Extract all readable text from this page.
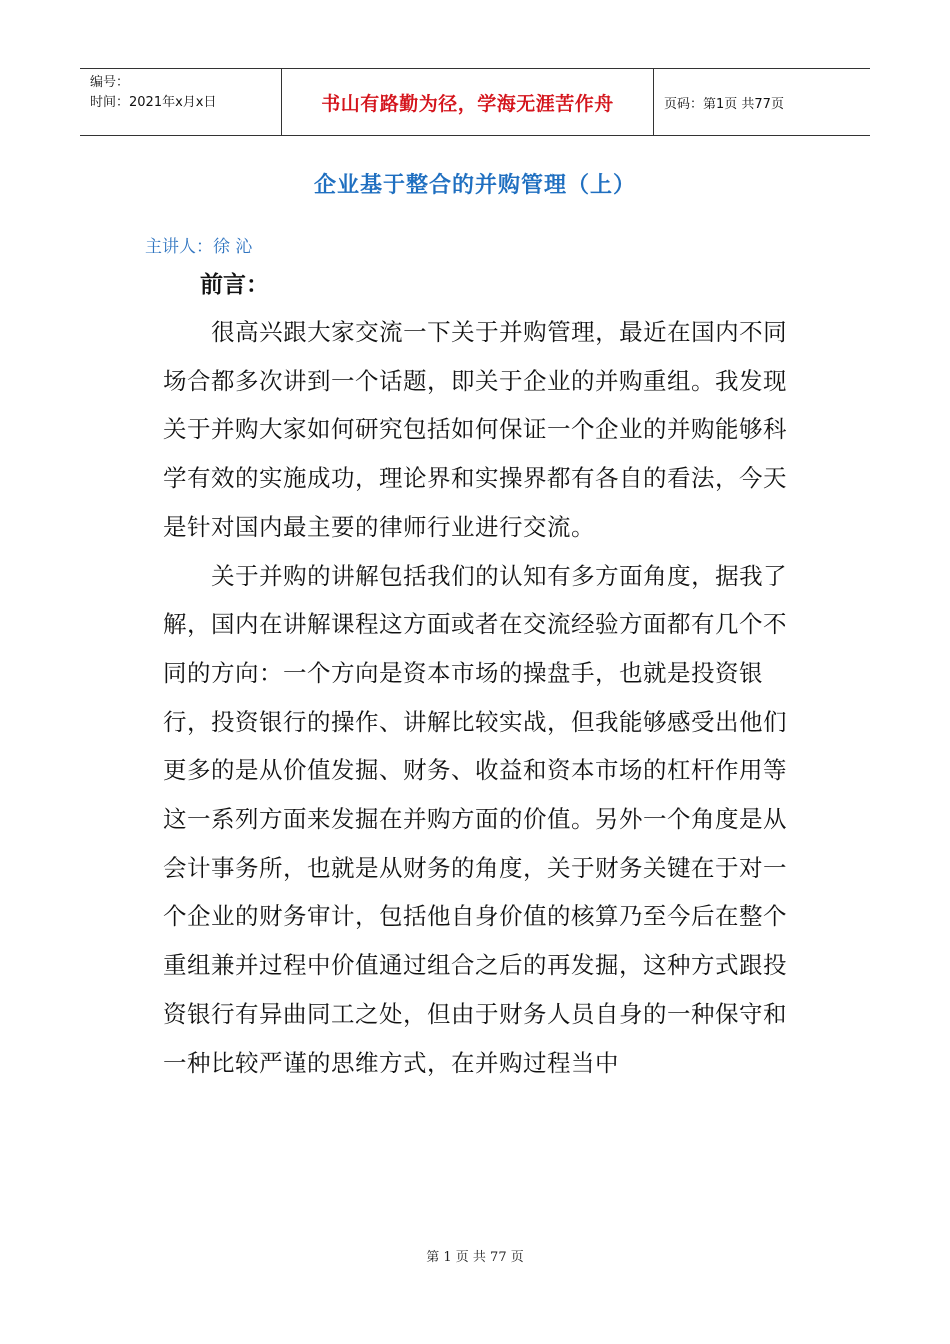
编号：
时间：2021年x月x日	书山有路勤为径，学海无涯苦作舟	页码：第1页 共77页
企业基于整合的并购管理（上）
主讲人：徐 沁
前言：

很高兴跟大家交流一下关于并购管理，最近在国内不同场合都多次讲到一个话题，即关于企业的并购重组。我发现关于并购大家如何研究包括如何保证一个企业的并购能够科学有效的实施成功，理论界和实操界都有各自的看法，今天是针对国内最主要的律师行业进行交流。

关于并购的讲解包括我们的认知有多方面角度，据我了解，国内在讲解课程这方面或者在交流经验方面都有几个不同的方向：一个方向是资本市场的操盘手，也就是投资银行，投资银行的操作、讲解比较实战，但我能够感受出他们更多的是从价值发掘、财务、收益和资本市场的杠杆作用等这一系列方面来发掘在并购方面的价值。另外一个角度是从会计事务所，也就是从财务的角度，关于财务关键在于对一个企业的财务审计，包括他自身价值的核算乃至今后在整个重组兼并过程中价值通过组合之后的再发掘，这种方式跟投资银行有异曲同工之处，但由于财务人员自身的一种保守和一种比较严谨的思维方式，在并购过程当中

第 1 页 共 77 页
